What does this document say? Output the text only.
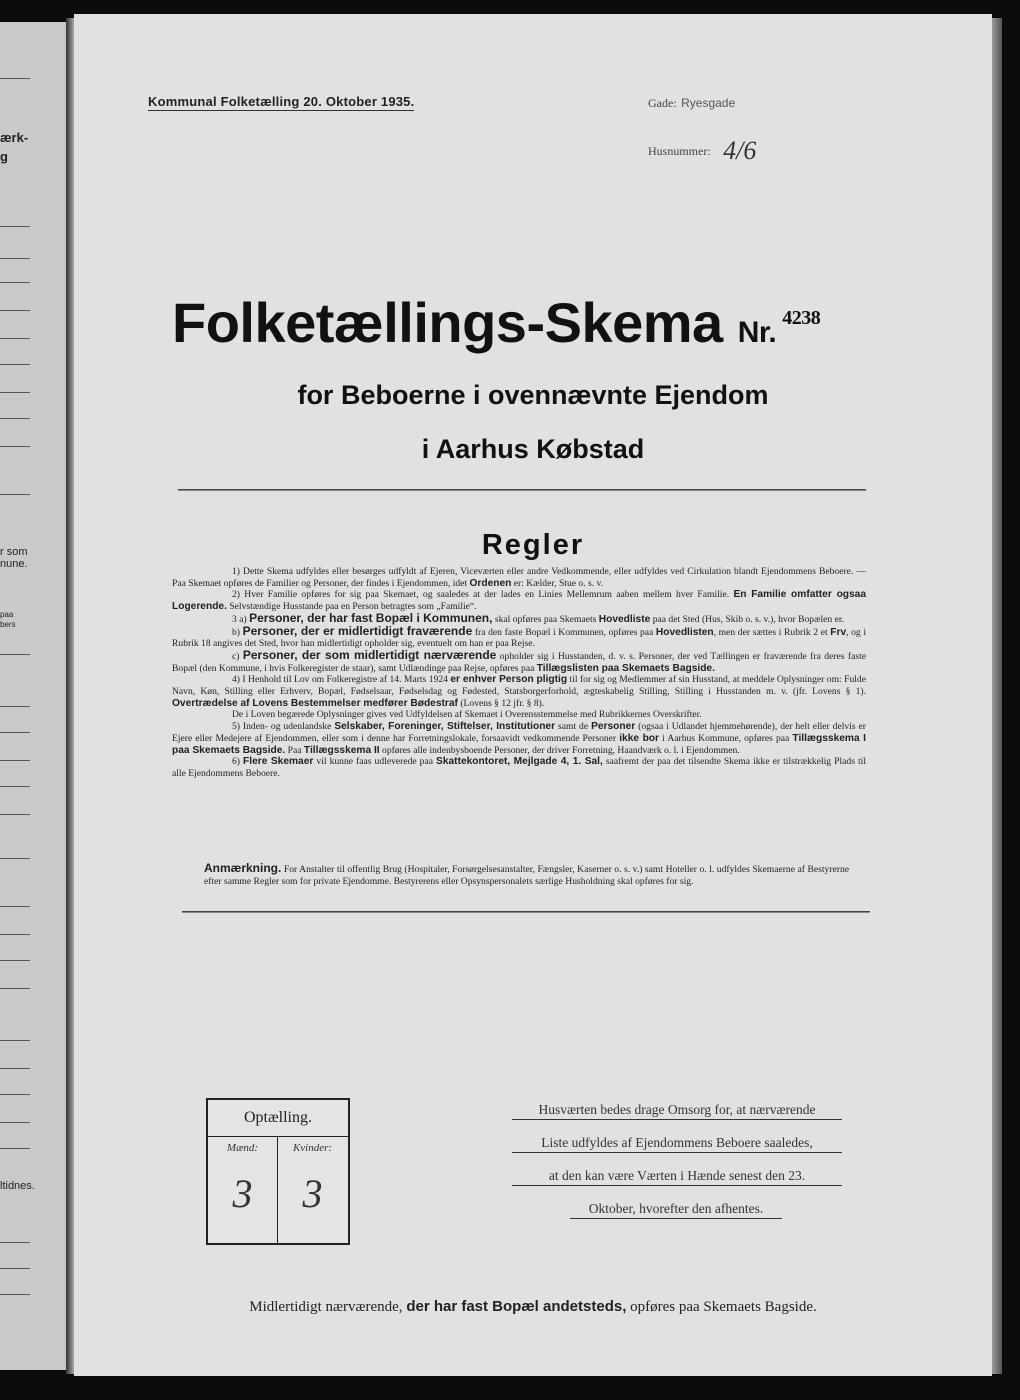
ærk-
g
r som
nune.
paa
bers
ltidnes.
Kommunal Folketælling 20. Oktober 1935.	Gade: Ryesgade
Husnummer: 4/6
Folketællings-Skema Nr. $^{4238}$
for Beboerne i ovennævnte Ejendom
i Aarhus Købstad
Regler

1) Dette Skema udfyldes eller besørges udfyldt af Ejeren, Viceværten eller andre Vedkommende, eller udfyldes ved Cirkulation blandt Ejendommens Beboere. — Paa Skemaet opføres de Familier og Personer, der findes i Ejendommen, idet Ordenen er: Kælder, Stue o. s. v.

2) Hver Familie opføres for sig paa Skemaet, og saaledes at der lades en Linies Mellemrum aaben mellem hver Familie. En Familie omfatter ogsaa Logerende. Selvstændige Husstande paa en Person betragtes som „Familie“.

3 a) Personer, der har fast Bopæl i Kommunen, skal opføres paa Skemaets Hovedliste paa det Sted (Hus, Skib o. s. v.), hvor Bopælen er.

b) Personer, der er midlertidigt fraværende fra den faste Bopæl i Kommunen, opføres paa Hovedlisten, men der sættes i Rubrik 2 et Frv, og i Rubrik 18 angives det Sted, hvor han midlertidigt opholder sig, eventuelt om han er paa Rejse.

c) Personer, der som midlertidigt nærværende opholder sig i Husstanden, d. v. s. Personer, der ved Tællingen er fraværende fra deres faste Bopæl (den Kommune, i hvis Folkeregister de staar), samt Udlændinge paa Rejse, opføres paa Tillægslisten paa Skemaets Bagside.

4) I Henhold til Lov om Folkeregistre af 14. Marts 1924 er enhver Person pligtig til for sig og Medlemmer af sin Husstand, at meddele Oplysninger om: Fulde Navn, Køn, Stilling eller Erhverv, Bopæl, Fødselsaar, Fødselsdag og Fødested, Statsborgerforhold, ægteskabelig Stilling, Stilling i Husstanden m. v. (jfr. Lovens § 1). Overtrædelse af Lovens Bestemmelser medfører Bødestraf (Lovens § 12 jfr. § 8).

De i Loven begærede Oplysninger gives ved Udfyldelsen af Skemaet i Overensstemmelse med Rubrikkernes Overskrifter.

5) Inden- og udenlandske Selskaber, Foreninger, Stiftelser, Institutioner samt de Personer (ogsaa i Udlandet hjemmehørende), der helt eller delvis er Ejere eller Medejere af Ejendommen, eller som i denne har Forretningslokale, forsaavidt vedkommende Personer ikke bor i Aarhus Kommune, opføres paa Tillægsskema I paa Skemaets Bagside. Paa Tillægsskema II opføres alle indenbysboende Personer, der driver Forretning, Haandværk o. l. i Ejendommen.

6) Flere Skemaer vil kunne faas udleverede paa Skattekontoret, Mejlgade 4, 1. Sal, saafremt der paa det tilsendte Skema ikke er tilstrækkelig Plads til alle Ejendommens Beboere.

Anmærkning. For Anstalter til offentlig Brug (Hospitaler, Forsørgelsesanstalter, Fængsler, Kaserner o. s. v.) samt Hoteller o. l. udfyldes Skemaerne af Bestyrerne efter samme Regler som for private Ejendomme. Bestyrerens eller Opsynspersonalets særlige Husholdning skal opføres for sig.
Optælling.
Mænd:	Kvinder:
3	3
Husværten bedes drage Omsorg for, at nærværende
Liste udfyldes af Ejendommens Beboere saaledes,
at den kan være Værten i Hænde senest den 23.
Oktober, hvorefter den afhentes.
Midlertidigt nærværende, der har fast Bopæl andetsteds, opføres paa Skemaets Bagside.
